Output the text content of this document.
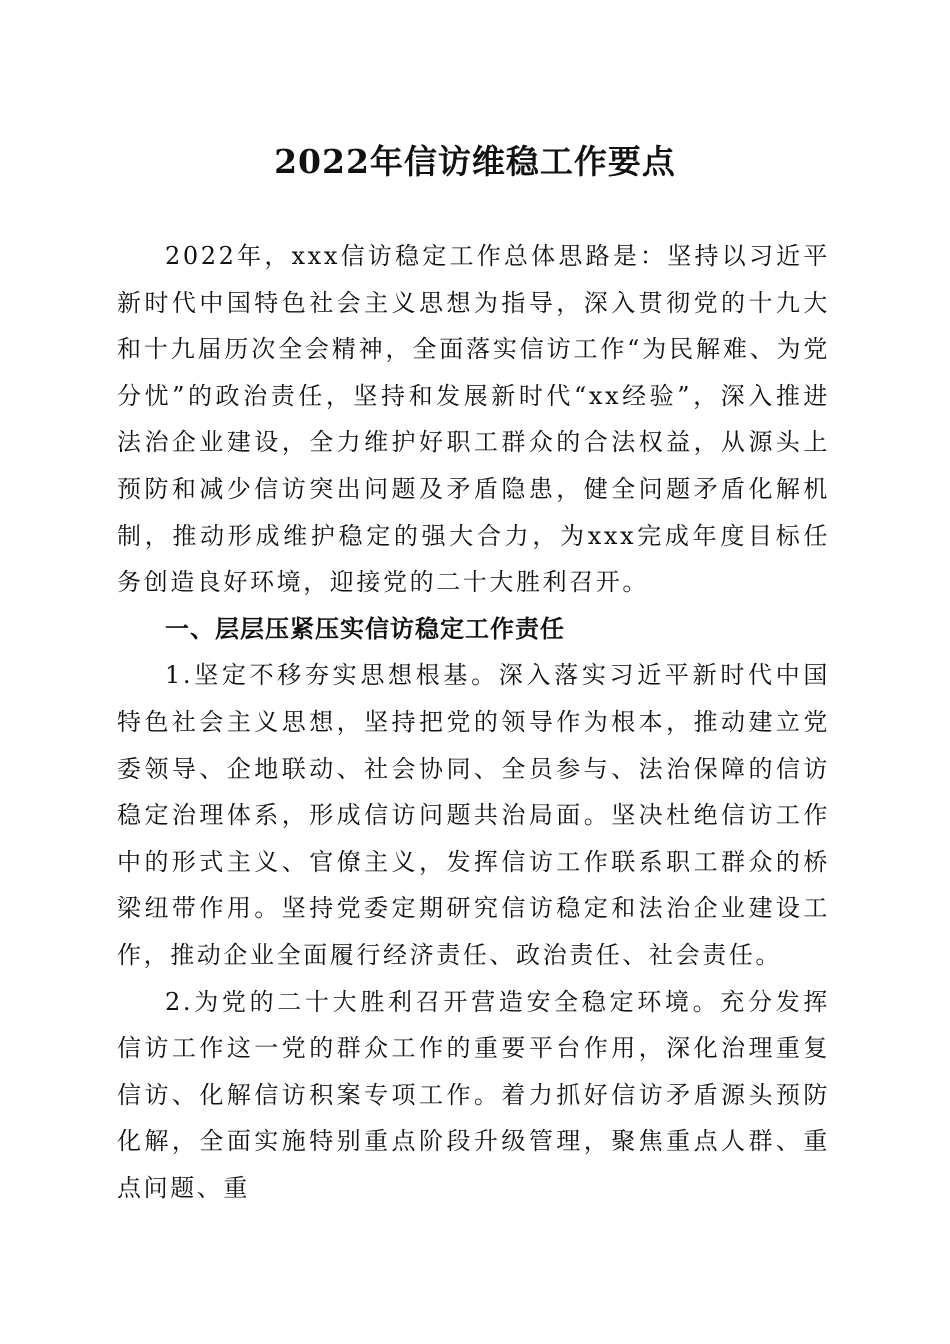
2022年信访维稳工作要点

2022年，xxx信访稳定工作总体思路是：坚持以习近平新时代中国特色社会主义思想为指导，深入贯彻党的十九大和十九届历次全会精神，全面落实信访工作“为民解难、为党分忧”的政治责任，坚持和发展新时代“xx经验”，深入推进法治企业建设，全力维护好职工群众的合法权益，从源头上预防和减少信访突出问题及矛盾隐患，健全问题矛盾化解机制，推动形成维护稳定的强大合力，为xxx完成年度目标任务创造良好环境，迎接党的二十大胜利召开。

一、层层压紧压实信访稳定工作责任

1.坚定不移夯实思想根基。深入落实习近平新时代中国特色社会主义思想，坚持把党的领导作为根本，推动建立党委领导、企地联动、社会协同、全员参与、法治保障的信访稳定治理体系，形成信访问题共治局面。坚决杜绝信访工作中的形式主义、官僚主义，发挥信访工作联系职工群众的桥梁纽带作用。坚持党委定期研究信访稳定和法治企业建设工作，推动企业全面履行经济责任、政治责任、社会责任。

2.为党的二十大胜利召开营造安全稳定环境。充分发挥信访工作这一党的群众工作的重要平台作用，深化治理重复信访、化解信访积案专项工作。着力抓好信访矛盾源头预防化解，全面实施特别重点阶段升级管理，聚焦重点人群、重点问题、重
